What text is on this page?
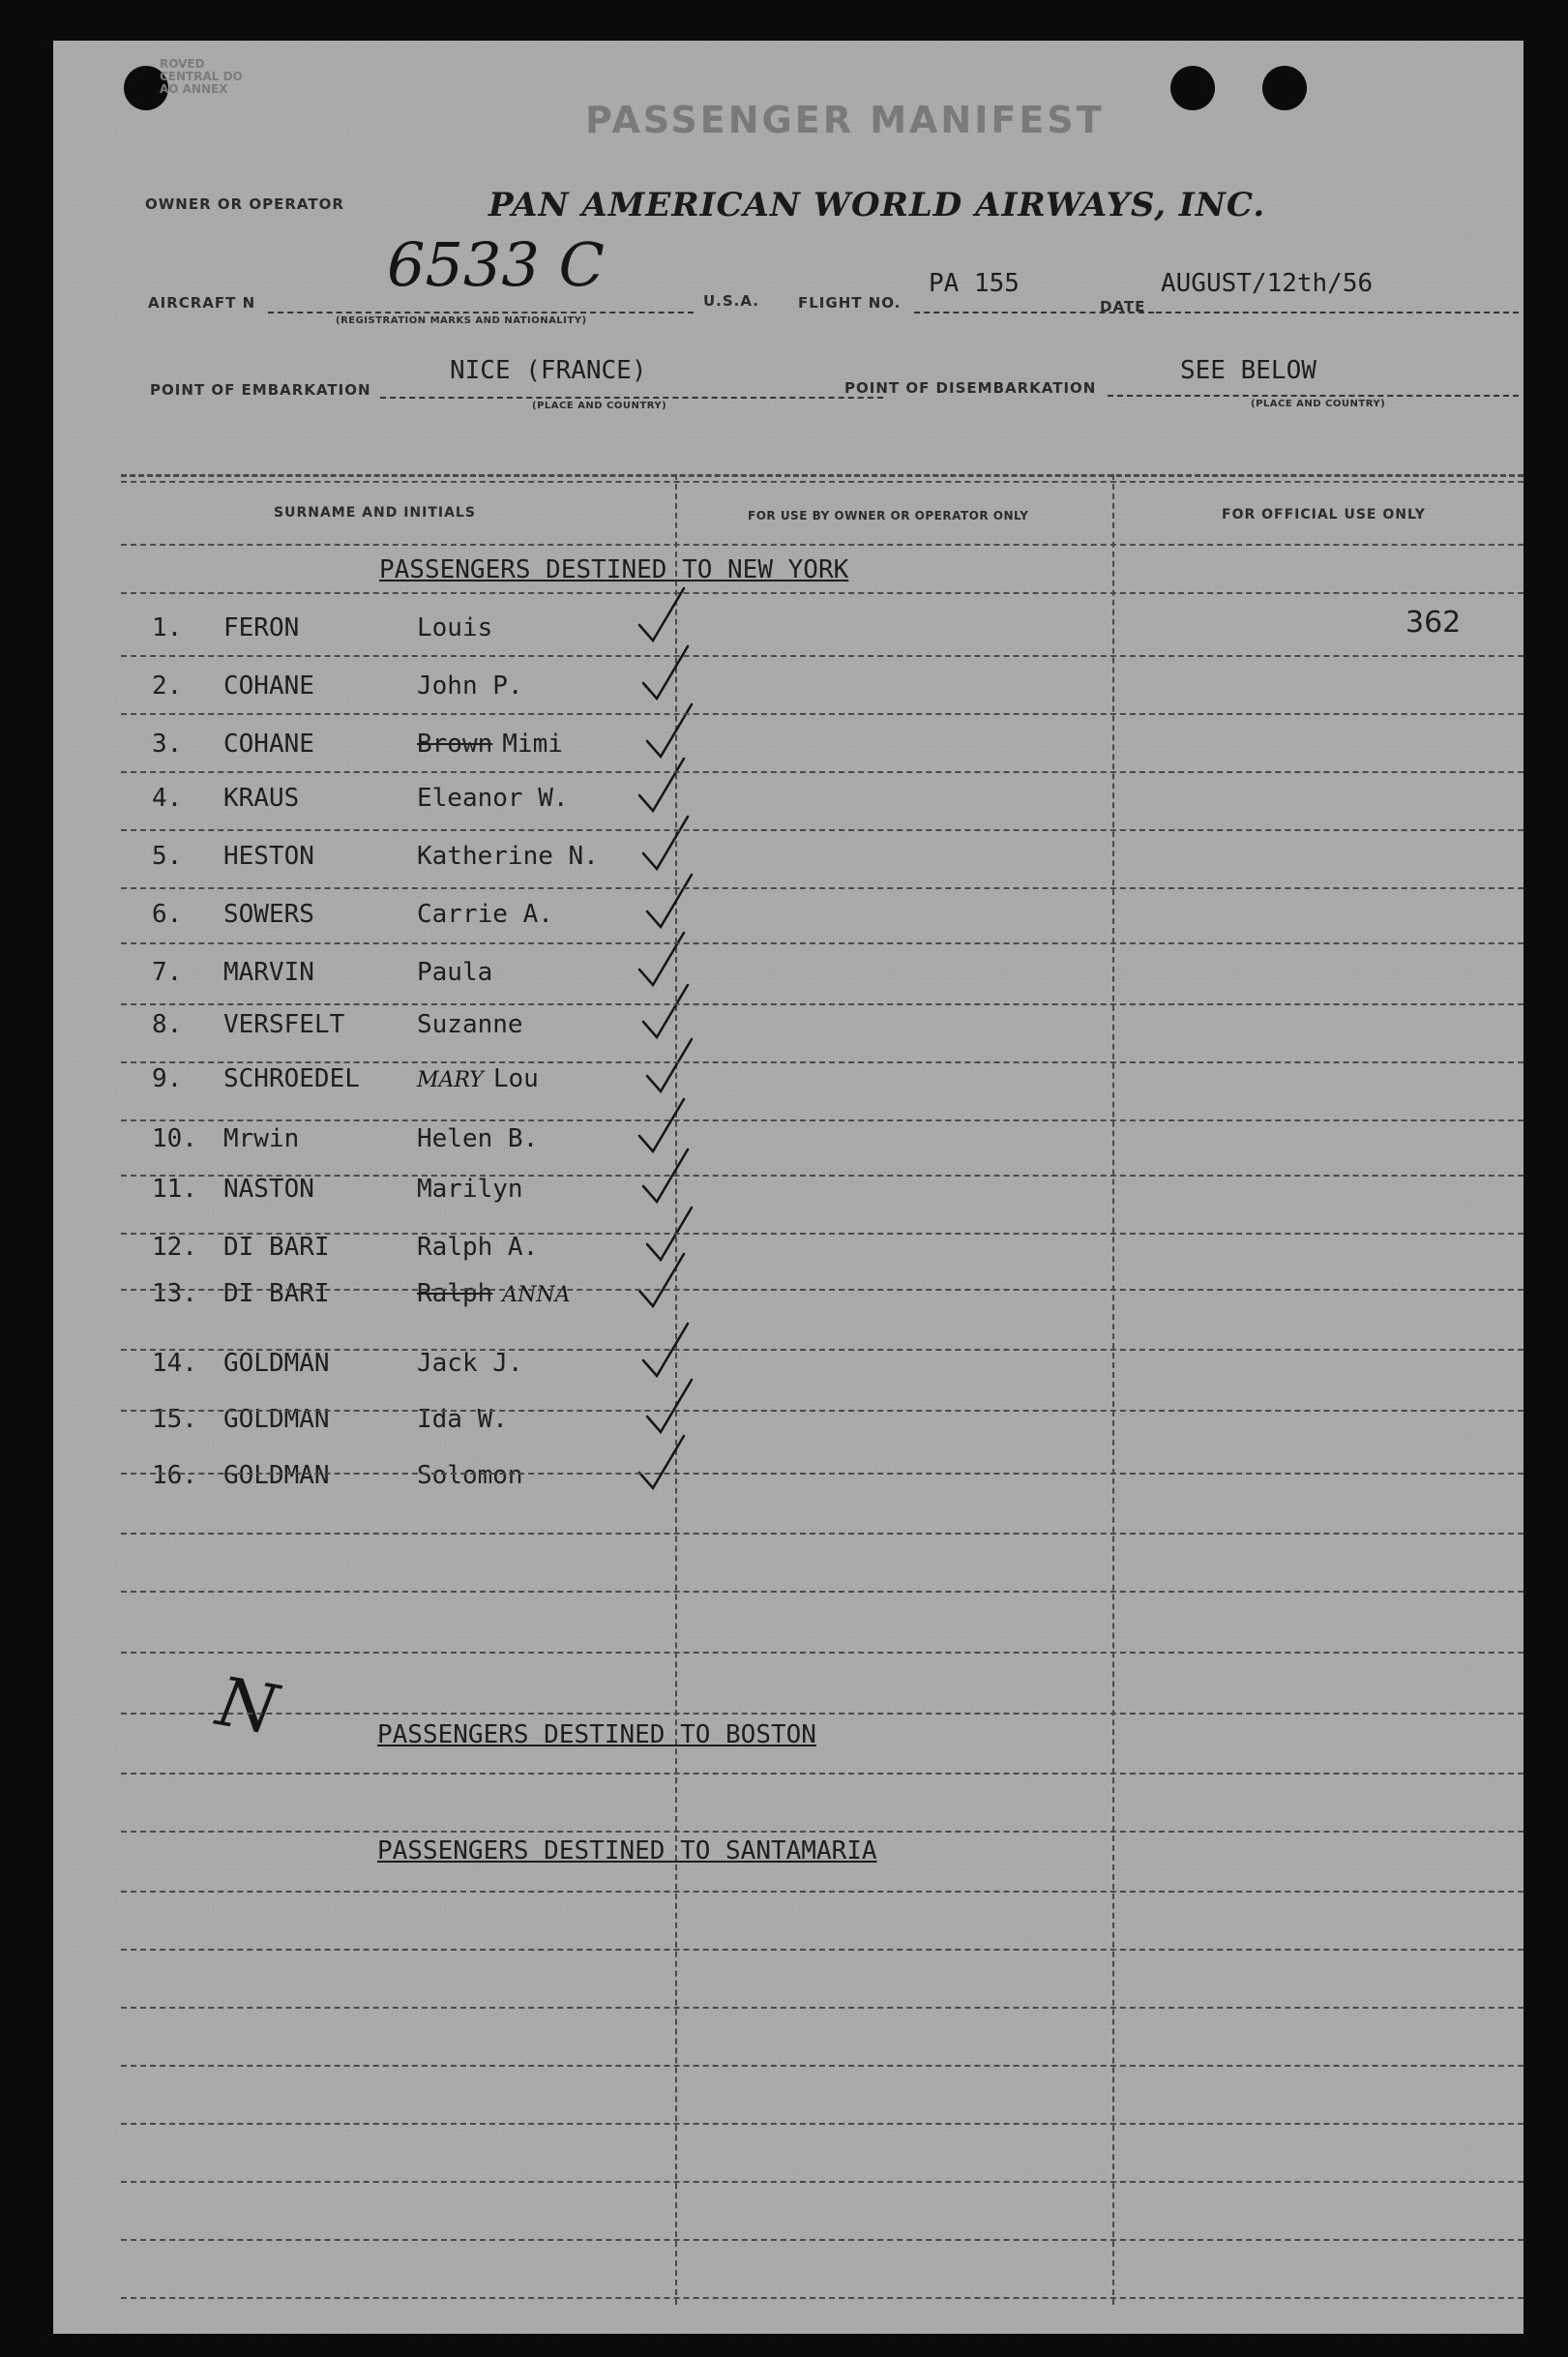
ROVED
CENTRAL DO
AO ANNEX
PASSENGER MANIFEST
OWNER OR OPERATOR	PAN AMERICAN WORLD AIRWAYS, INC.
AIRCRAFT N
6533 C
(REGISTRATION MARKS AND NATIONALITY)
U.S.A.	FLIGHT NO.
PA 155
DATE
AUGUST/12th/56
POINT OF EMBARKATION
NICE (FRANCE)
(PLACE AND COUNTRY)
POINT OF DISEMBARKATION
SEE BELOW
(PLACE AND COUNTRY)
SURNAME AND INITIALS	FOR USE BY OWNER OR OPERATOR ONLY	FOR OFFICIAL USE ONLY
PASSENGERS DESTINED TO NEW YORK
362
1. FERON	Louis
2. COHANE	John P.
3. COHANE	Brown Mimi
4. KRAUS	Eleanor W.
5. HESTON	Katherine N.
6. SOWERS	Carrie A.
7. MARVIN	Paula
8. VERSFELT	Suzanne
9. SCHROEDEL	MARY Lou
10. Mrwin	Helen B.
11. NASTON	Marilyn
12. DI BARI	Ralph A.
13. DI BARI	Ralph ANNA
14. GOLDMAN	Jack J.
15. GOLDMAN	Ida W.
16. GOLDMAN	Solomon
N	PASSENGERS DESTINED TO BOSTON
PASSENGERS DESTINED TO SANTAMARIA
